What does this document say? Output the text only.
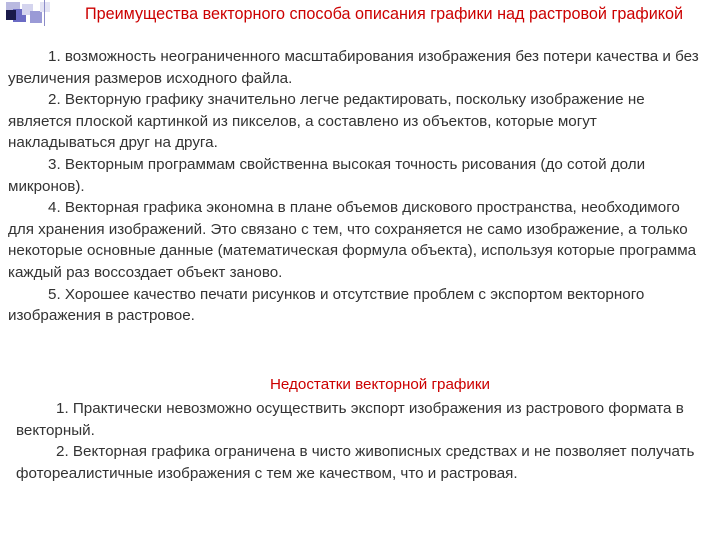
Преимущества векторного способа описания графики над растровой графикой

1. возможность неограниченного масштабирования изображения без потери качества и без увеличения размеров исходного файла.

2. Векторную графику значительно легче редактировать, поскольку изображение не является плоской картинкой из пикселов, а составлено из объектов, которые могут накладываться друг на друга.

3. Векторным программам свойственна высокая точность рисования (до сотой доли микронов).

4. Векторная графика экономна в плане объемов дискового пространства, необходимого для хранения изображений. Это связано с тем, что сохраняется не само изображение, а только некоторые основные данные (математическая формула объекта), используя которые программа каждый раз воссоздает объект заново.

5. Хорошее качество печати рисунков и отсутствие проблем с экспортом векторного изображения в растровое.

Недостатки векторной графики

1. Практически невозможно осуществить экспорт изображения из растрового формата в векторный.

2. Векторная графика ограничена в чисто живописных средствах и не позволяет получать фотореалистичные изображения с тем же качеством, что и растровая.
